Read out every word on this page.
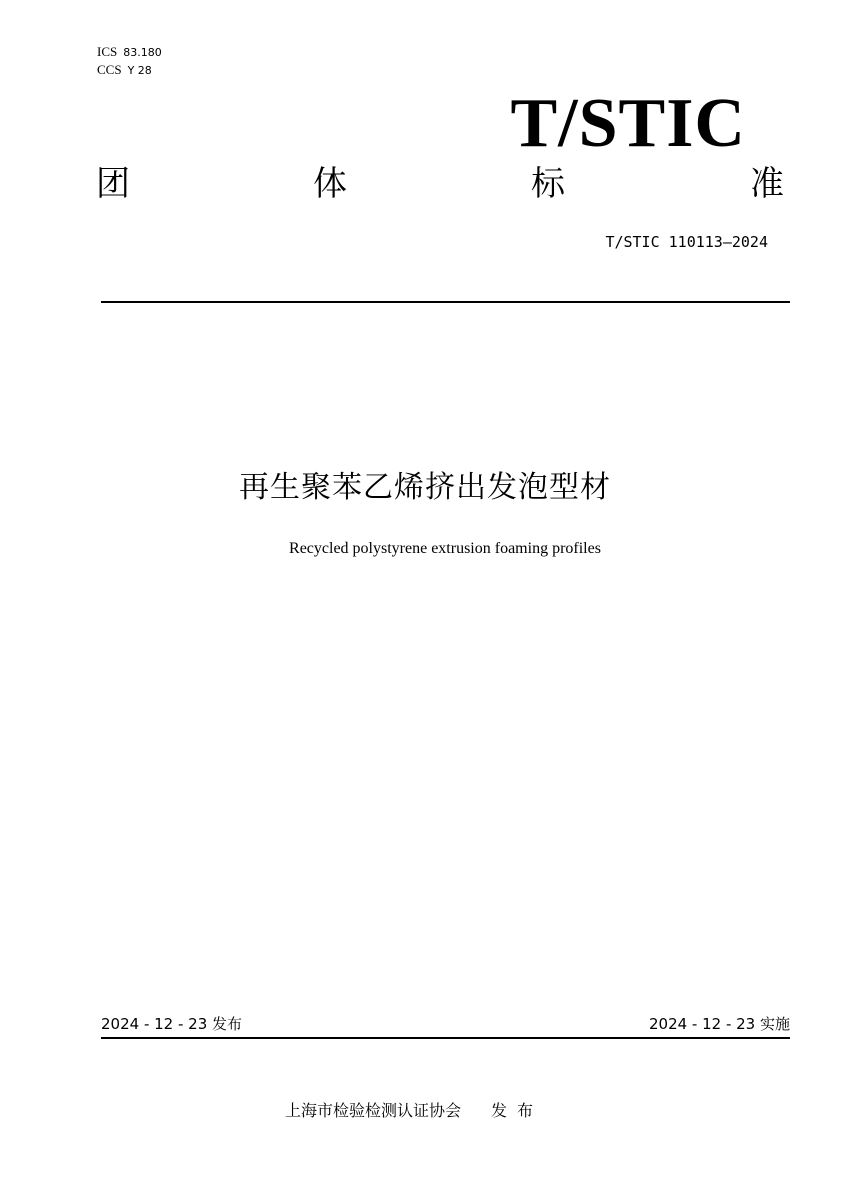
ICS 83.180
CCS Y 28
T/STIC
团	体	标	准
T/STIC 110113—2024
再生聚苯乙烯挤出发泡型材
Recycled polystyrene extrusion foaming profiles
2024 - 12 - 23 发布	2024 - 12 - 23 实施
上海市检验检测认证协会 发布
